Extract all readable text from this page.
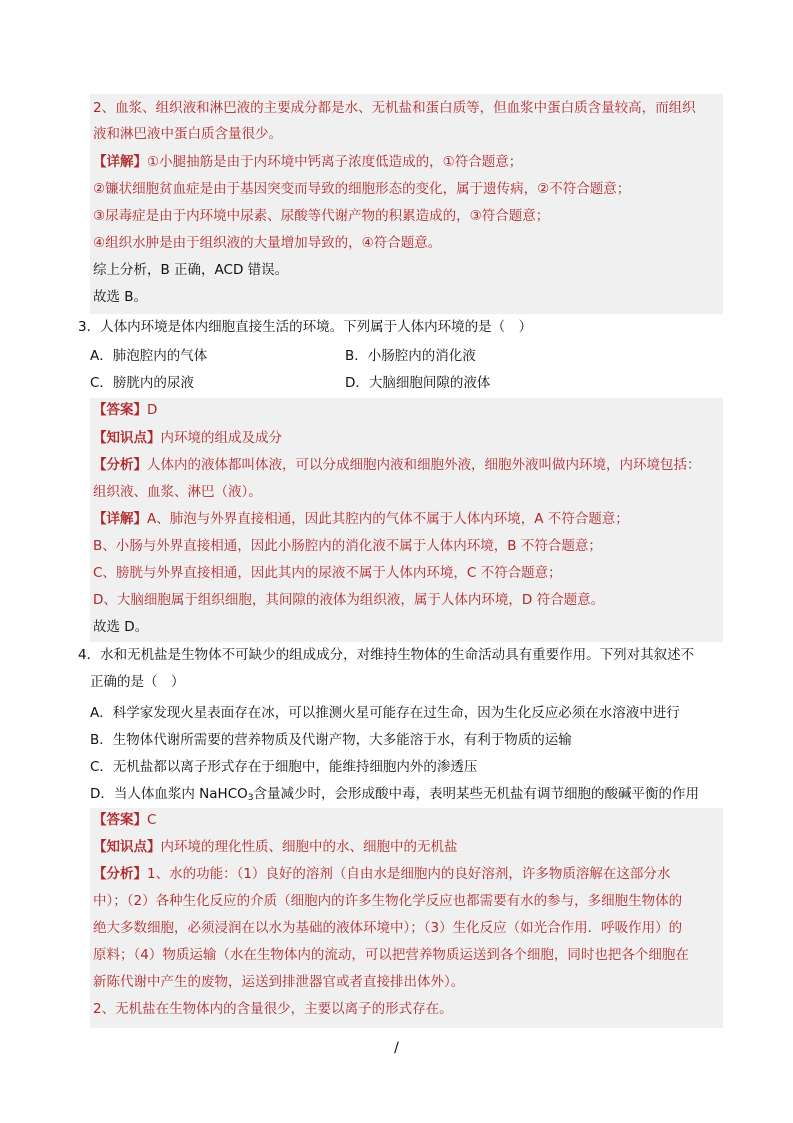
2、血浆、组织液和淋巴液的主要成分都是水、无机盐和蛋白质等，但血浆中蛋白质含量较高，而组织
液和淋巴液中蛋白质含量很少。
【详解】①小腿抽筋是由于内环境中钙离子浓度低造成的，①符合题意；
②镰状细胞贫血症是由于基因突变而导致的细胞形态的变化，属于遗传病，②不符合题意；
③尿毒症是由于内环境中尿素、尿酸等代谢产物的积累造成的，③符合题意；
④组织水肿是由于组织液的大量增加导致的，④符合题意。
综上分析，B 正确，ACD 错误。
故选 B。
3．人体内环境是体内细胞直接生活的环境。下列属于人体内环境的是（　）
A．肺泡腔内的气体	B．小肠腔内的消化液
C．膀胱内的尿液	D．大脑细胞间隙的液体
【答案】D
【知识点】内环境的组成及成分
【分析】人体内的液体都叫体液，可以分成细胞内液和细胞外液，细胞外液叫做内环境，内环境包括：
组织液、血浆、淋巴（液）。
【详解】A、肺泡与外界直接相通，因此其腔内的气体不属于人体内环境，A 不符合题意；
B、小肠与外界直接相通，因此小肠腔内的消化液不属于人体内环境，B 不符合题意；
C、膀胱与外界直接相通，因此其内的尿液不属于人体内环境，C 不符合题意；
D、大脑细胞属于组织细胞，其间隙的液体为组织液，属于人体内环境，D 符合题意。
故选 D。
4．水和无机盐是生物体不可缺少的组成成分，对维持生物体的生命活动具有重要作用。下列对其叙述不
正确的是（　）
A．科学家发现火星表面存在冰，可以推测火星可能存在过生命，因为生化反应必须在水溶液中进行
B．生物体代谢所需要的营养物质及代谢产物，大多能溶于水，有利于物质的运输
C．无机盐都以离子形式存在于细胞中，能维持细胞内外的渗透压
D．当人体血浆内 NaHCO$_3$含量减少时，会形成酸中毒，表明某些无机盐有调节细胞的酸碱平衡的作用
【答案】C
【知识点】内环境的理化性质、细胞中的水、细胞中的无机盐
【分析】1、水的功能：（1）良好的溶剂（自由水是细胞内的良好溶剂，许多物质溶解在这部分水
中）；（2）各种生化反应的介质（细胞内的许多生物化学反应也都需要有水的参与，多细胞生物体的
绝大多数细胞，必须浸润在以水为基础的液体环境中）；（3）生化反应（如光合作用．呼吸作用）的
原料；（4）物质运输（水在生物体内的流动，可以把营养物质运送到各个细胞，同时也把各个细胞在
新陈代谢中产生的废物，运送到排泄器官或者直接排出体外）。
2、无机盐在生物体内的含量很少，主要以离子的形式存在。
/
